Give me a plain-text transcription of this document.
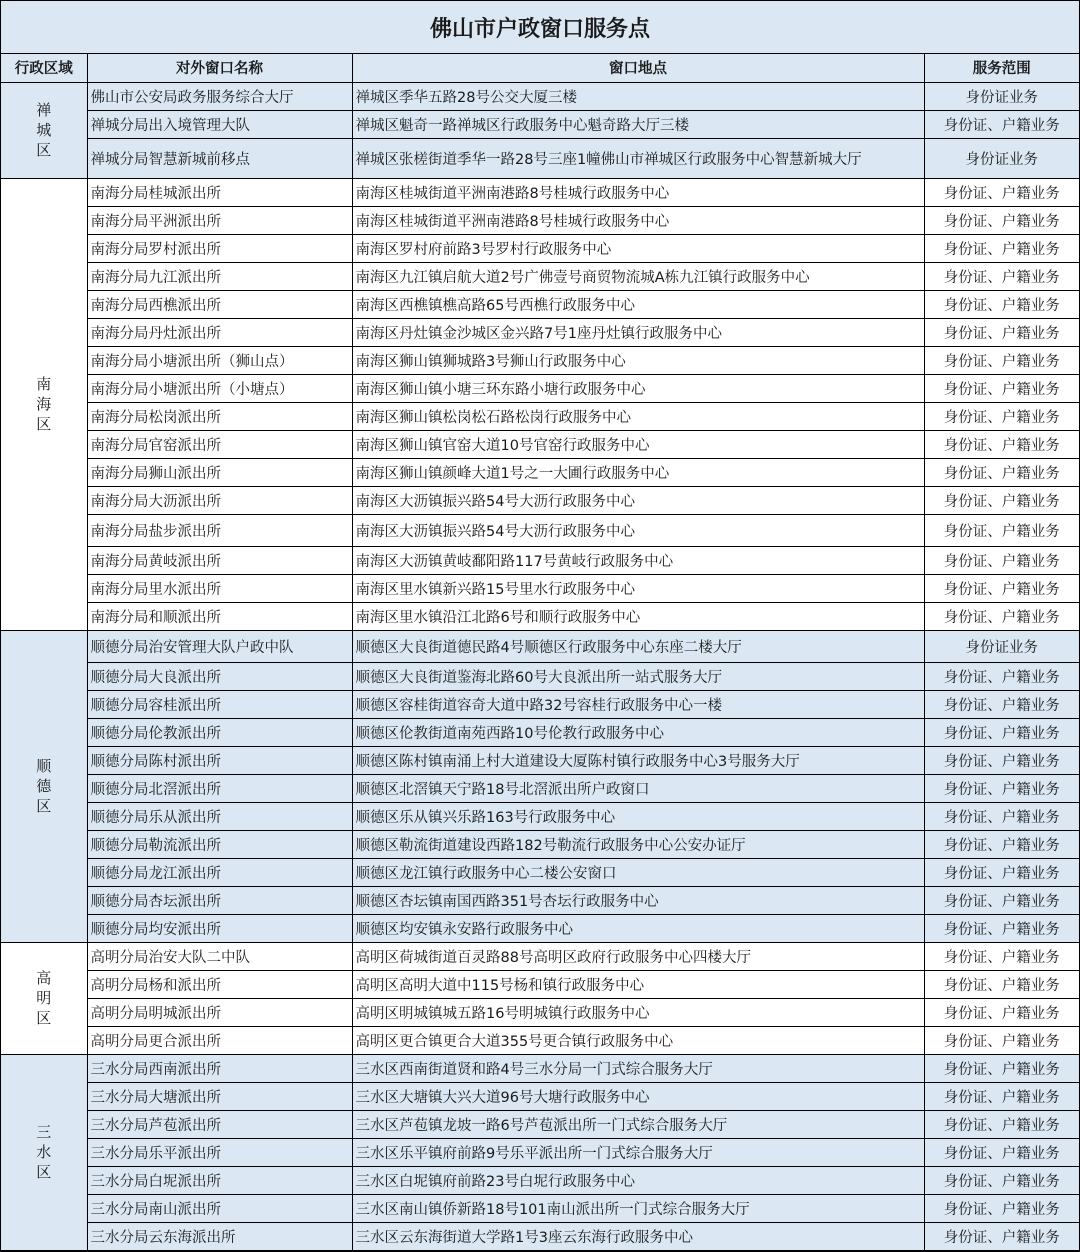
佛山市户政窗口服务点
行政区域	对外窗口名称	窗口地点	服务范围
禅城区	佛山市公安局政务服务综合大厅	禅城区季华五路28号公交大厦三楼	身份证业务
	禅城分局出入境管理大队	禅城区魁奇一路禅城区行政服务中心魁奇路大厅三楼	身份证、户籍业务
	禅城分局智慧新城前移点	禅城区张槎街道季华一路28号三座1幢佛山市禅城区行政服务中心智慧新城大厅	身份证业务
南海区	南海分局桂城派出所	南海区桂城街道平洲南港路8号桂城行政服务中心	身份证、户籍业务
	南海分局平洲派出所	南海区桂城街道平洲南港路8号桂城行政服务中心	身份证、户籍业务
	南海分局罗村派出所	南海区罗村府前路3号罗村行政服务中心	身份证、户籍业务
	南海分局九江派出所	南海区九江镇启航大道2号广佛壹号商贸物流城A栋九江镇行政服务中心	身份证、户籍业务
	南海分局西樵派出所	南海区西樵镇樵高路65号西樵行政服务中心	身份证、户籍业务
	南海分局丹灶派出所	南海区丹灶镇金沙城区金兴路7号1座丹灶镇行政服务中心	身份证、户籍业务
	南海分局小塘派出所（狮山点）	南海区狮山镇狮城路3号狮山行政服务中心	身份证、户籍业务
	南海分局小塘派出所（小塘点）	南海区狮山镇小塘三环东路小塘行政服务中心	身份证、户籍业务
	南海分局松岗派出所	南海区狮山镇松岗松石路松岗行政服务中心	身份证、户籍业务
	南海分局官窑派出所	南海区狮山镇官窑大道10号官窑行政服务中心	身份证、户籍业务
	南海分局狮山派出所	南海区狮山镇颜峰大道1号之一大圃行政服务中心	身份证、户籍业务
	南海分局大沥派出所	南海区大沥镇振兴路54号大沥行政服务中心	身份证、户籍业务
	南海分局盐步派出所	南海区大沥镇振兴路54号大沥行政服务中心	身份证、户籍业务
	南海分局黄岐派出所	南海区大沥镇黄岐鄱阳路117号黄岐行政服务中心	身份证、户籍业务
	南海分局里水派出所	南海区里水镇新兴路15号里水行政服务中心	身份证、户籍业务
	南海分局和顺派出所	南海区里水镇沿江北路6号和顺行政服务中心	身份证、户籍业务
顺德区	顺德分局治安管理大队户政中队	顺德区大良街道德民路4号顺德区行政服务中心东座二楼大厅	身份证业务
	顺德分局大良派出所	顺德区大良街道鉴海北路60号大良派出所一站式服务大厅	身份证、户籍业务
	顺德分局容桂派出所	顺德区容桂街道容奇大道中路32号容桂行政服务中心一楼	身份证、户籍业务
	顺德分局伦教派出所	顺德区伦教街道南苑西路10号伦教行政服务中心	身份证、户籍业务
	顺德分局陈村派出所	顺德区陈村镇南涌上村大道建设大厦陈村镇行政服务中心3号服务大厅	身份证、户籍业务
	顺德分局北滘派出所	顺德区北滘镇天宁路18号北滘派出所户政窗口	身份证、户籍业务
	顺德分局乐从派出所	顺德区乐从镇兴乐路163号行政服务中心	身份证、户籍业务
	顺德分局勒流派出所	顺德区勒流街道建设西路182号勒流行政服务中心公安办证厅	身份证、户籍业务
	顺德分局龙江派出所	顺德区龙江镇行政服务中心二楼公安窗口	身份证、户籍业务
	顺德分局杏坛派出所	顺德区杏坛镇南国西路351号杏坛行政服务中心	身份证、户籍业务
	顺德分局均安派出所	顺德区均安镇永安路行政服务中心	身份证、户籍业务
高明区	高明分局治安大队二中队	高明区荷城街道百灵路88号高明区政府行政服务中心四楼大厅	身份证、户籍业务
	高明分局杨和派出所	高明区高明大道中115号杨和镇行政服务中心	身份证、户籍业务
	高明分局明城派出所	高明区明城镇城五路16号明城镇行政服务中心	身份证、户籍业务
	高明分局更合派出所	高明区更合镇更合大道355号更合镇行政服务中心	身份证、户籍业务
三水区	三水分局西南派出所	三水区西南街道贤和路4号三水分局一门式综合服务大厅	身份证、户籍业务
	三水分局大塘派出所	三水区大塘镇大兴大道96号大塘行政服务中心	身份证、户籍业务
	三水分局芦苞派出所	三水区芦苞镇龙坡一路6号芦苞派出所一门式综合服务大厅	身份证、户籍业务
	三水分局乐平派出所	三水区乐平镇府前路9号乐平派出所一门式综合服务大厅	身份证、户籍业务
	三水分局白坭派出所	三水区白坭镇府前路23号白坭行政服务中心	身份证、户籍业务
	三水分局南山派出所	三水区南山镇侨新路18号101南山派出所一门式综合服务大厅	身份证、户籍业务
	三水分局云东海派出所	三水区云东海街道大学路1号3座云东海行政服务中心	身份证、户籍业务
